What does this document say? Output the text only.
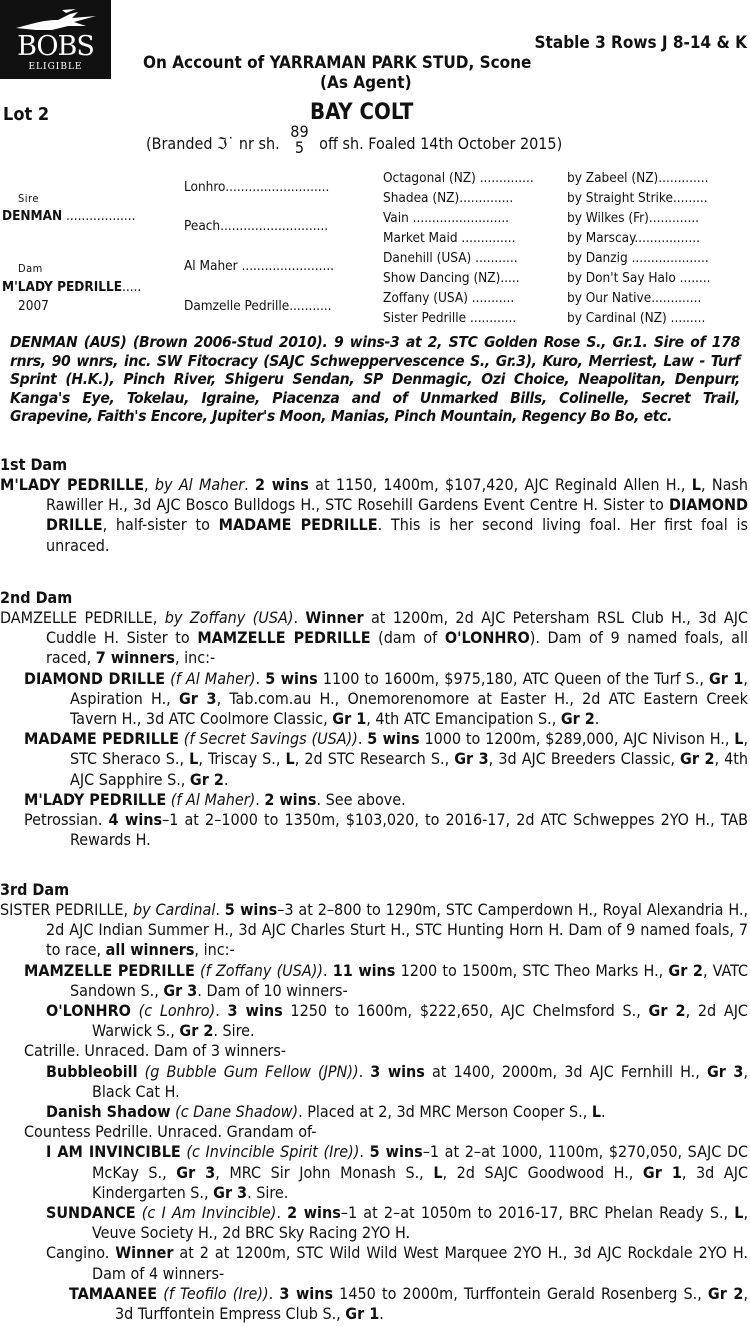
BOBS
ELIGIBLE
Stable 3 Rows J 8-14 & K
On Account of YARRAMAN PARK STUD, Scone
(As Agent)
Lot 2	BAY COLT
(Branded ℑ˙ nr sh.
89
5 off sh. Foaled 14th October 2015)
Sire
DENMAN ..................
Dam
M'LADY PEDRILLE.....
2007
Lonhro...........................
Peach............................
Al Maher ........................
Damzelle Pedrille...........
Octagonal (NZ) ..............
Shadea (NZ)..............
Vain .........................
Market Maid ..............
Danehill (USA) ...........
Show Dancing (NZ).....
Zoffany (USA) ...........
Sister Pedrille ............
by Zabeel (NZ).............
by Straight Strike.........
by Wilkes (Fr).............
by Marscay.................
by Danzig ....................
by Don't Say Halo ........
by Our Native.............
by Cardinal (NZ) .........
DENMAN (AUS) (Brown 2006-Stud 2010). 9 wins-3 at 2, STC Golden Rose S., Gr.1. Sire of 178 rnrs, 90 wnrs, inc. SW Fitocracy (SAJC Schweppervescence S., Gr.3), Kuro, Merriest, Law - Turf Sprint (H.K.), Pinch River, Shigeru Sendan, SP Denmagic, Ozi Choice, Neapolitan, Denpurr, Kanga's Eye, Tokelau, Igraine, Piacenza and of Unmarked Bills, Colinelle, Secret Trail, Grapevine, Faith's Encore, Jupiter's Moon, Manias, Pinch Mountain, Regency Bo Bo, etc.
1st Dam
M'LADY PEDRILLE, by Al Maher. 2 wins at 1150, 1400m, $107,420, AJC Reginald Allen H., L, Nash Rawiller H., 3d AJC Bosco Bulldogs H., STC Rosehill Gardens Event Centre H. Sister to DIAMOND DRILLE, half-sister to MADAME PEDRILLE. This is her second living foal. Her first foal is unraced.
2nd Dam
DAMZELLE PEDRILLE, by Zoffany (USA). Winner at 1200m, 2d AJC Petersham RSL Club H., 3d AJC Cuddle H. Sister to MAMZELLE PEDRILLE (dam of O'LONHRO). Dam of 9 named foals, all raced, 7 winners, inc:-
DIAMOND DRILLE (f Al Maher). 5 wins 1100 to 1600m, $975,180, ATC Queen of the Turf S., Gr 1, Aspiration H., Gr 3, Tab.com.au H., Onemorenomore at Easter H., 2d ATC Eastern Creek Tavern H., 3d ATC Coolmore Classic, Gr 1, 4th ATC Emancipation S., Gr 2.
MADAME PEDRILLE (f Secret Savings (USA)). 5 wins 1000 to 1200m, $289,000, AJC Nivison H., L, STC Sheraco S., L, Triscay S., L, 2d STC Research S., Gr 3, 3d AJC Breeders Classic, Gr 2, 4th AJC Sapphire S., Gr 2.
M'LADY PEDRILLE (f Al Maher). 2 wins. See above.
Petrossian. 4 wins–1 at 2–1000 to 1350m, $103,020, to 2016-17, 2d ATC Schweppes 2YO H., TAB Rewards H.
3rd Dam
SISTER PEDRILLE, by Cardinal. 5 wins–3 at 2–800 to 1290m, STC Camperdown H., Royal Alexandria H., 2d AJC Indian Summer H., 3d AJC Charles Sturt H., STC Hunting Horn H. Dam of 9 named foals, 7 to race, all winners, inc:-
MAMZELLE PEDRILLE (f Zoffany (USA)). 11 wins 1200 to 1500m, STC Theo Marks H., Gr 2, VATC Sandown S., Gr 3. Dam of 10 winners-
O'LONHRO (c Lonhro). 3 wins 1250 to 1600m, $222,650, AJC Chelmsford S., Gr 2, 2d AJC Warwick S., Gr 2. Sire.
Catrille. Unraced. Dam of 3 winners-
Bubbleobill (g Bubble Gum Fellow (JPN)). 3 wins at 1400, 2000m, 3d AJC Fernhill H., Gr 3, Black Cat H.
Danish Shadow (c Dane Shadow). Placed at 2, 3d MRC Merson Cooper S., L.
Countess Pedrille. Unraced. Grandam of-
I AM INVINCIBLE (c Invincible Spirit (Ire)). 5 wins–1 at 2–at 1000, 1100m, $270,050, SAJC DC McKay S., Gr 3, MRC Sir John Monash S., L, 2d SAJC Goodwood H., Gr 1, 3d AJC Kindergarten S., Gr 3. Sire.
SUNDANCE (c I Am Invincible). 2 wins–1 at 2–at 1050m to 2016-17, BRC Phelan Ready S., L, Veuve Society H., 2d BRC Sky Racing 2YO H.
Cangino. Winner at 2 at 1200m, STC Wild Wild West Marquee 2YO H., 3d AJC Rockdale 2YO H. Dam of 4 winners-
TAMAANEE (f Teofilo (Ire)). 3 wins 1450 to 2000m, Turffontein Gerald Rosenberg S., Gr 2, 3d Turffontein Empress Club S., Gr 1.
